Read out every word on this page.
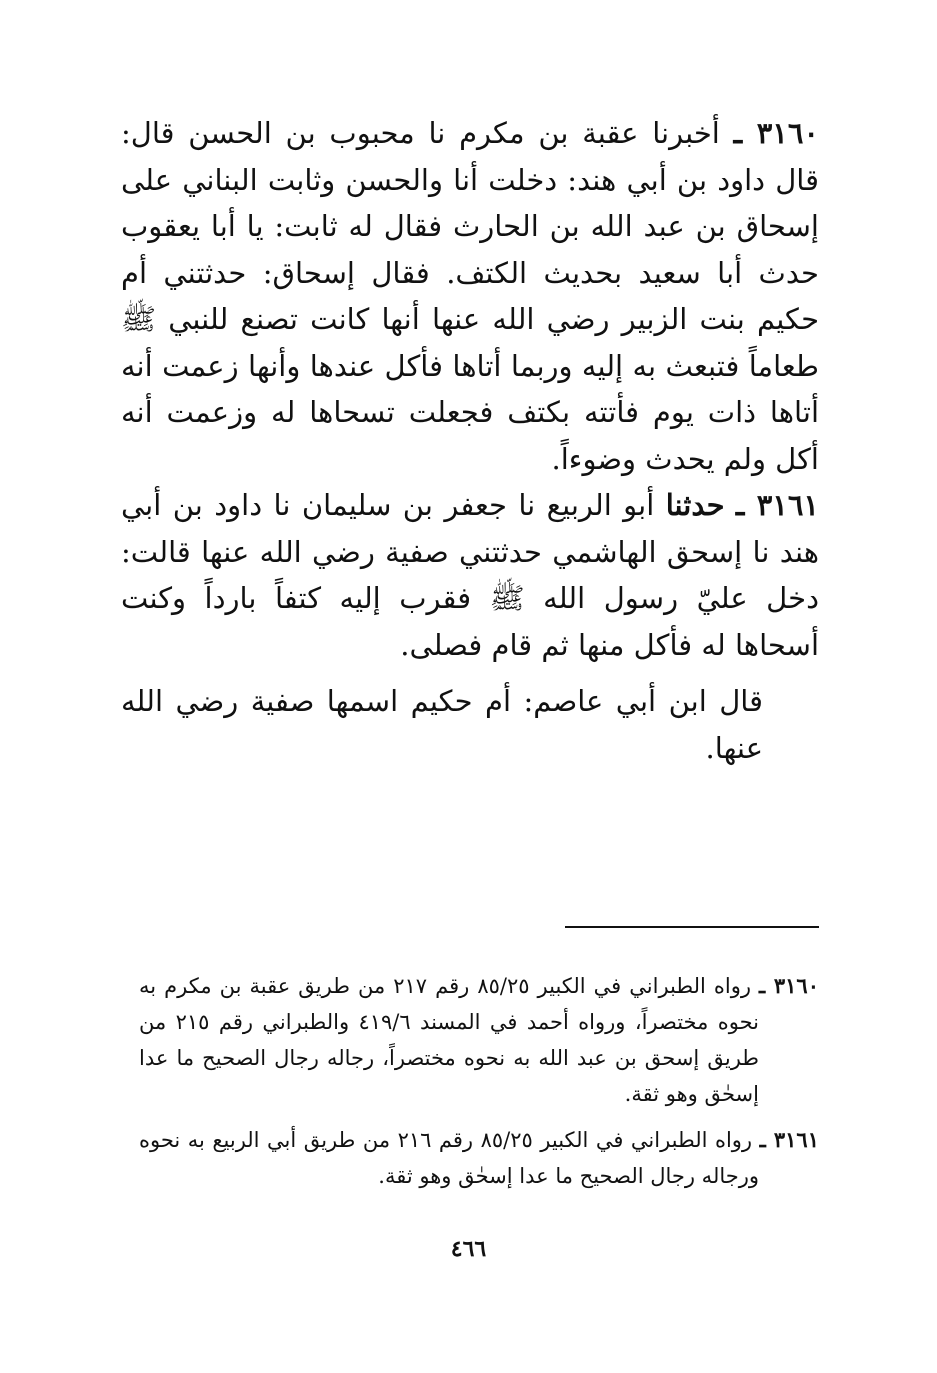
٣١٦٠ ـ أخبرنا عقبة بن مكرم نا محبوب بن الحسن قال: قال داود بن أبي هند: دخلت أنا والحسن وثابت البناني على إسحاق بن عبد الله بن الحارث فقال له ثابت: يا أبا يعقوب حدث أبا سعيد بحديث الكتف. فقال إسحاق: حدثتني أم حكيم بنت الزبير رضي الله عنها أنها كانت تصنع للنبي ﷺ طعاماً فتبعث به إليه وربما أتاها فأكل عندها وأنها زعمت أنه أتاها ذات يوم فأتته بكتف فجعلت تسحاها له وزعمت أنه أكل ولم يحدث وضوءاً.

٣١٦١ ـ حدثنا أبو الربيع نا جعفر بن سليمان نا داود بن أبي هند نا إسحق الهاشمي حدثتني صفية رضي الله عنها قالت: دخل عليّ رسول الله ﷺ فقرب إليه كتفاً بارداً وكنت أسحاها له فأكل منها ثم قام فصلى.

قال ابن أبي عاصم: أم حكيم اسمها صفية رضي الله عنها.

٣١٦٠ ـ رواه الطبراني في الكبير ٨٥/٢٥ رقم ٢١٧ من طريق عقبة بن مكرم به نحوه مختصراً، ورواه أحمد في المسند ٤١٩/٦ والطبراني رقم ٢١٥ من طريق إسحق بن عبد الله به نحوه مختصراً، رجاله رجال الصحيح ما عدا إسحٰق وهو ثقة.

٣١٦١ ـ رواه الطبراني في الكبير ٨٥/٢٥ رقم ٢١٦ من طريق أبي الربيع به نحوه ورجاله رجال الصحيح ما عدا إسحٰق وهو ثقة.

٤٦٦
